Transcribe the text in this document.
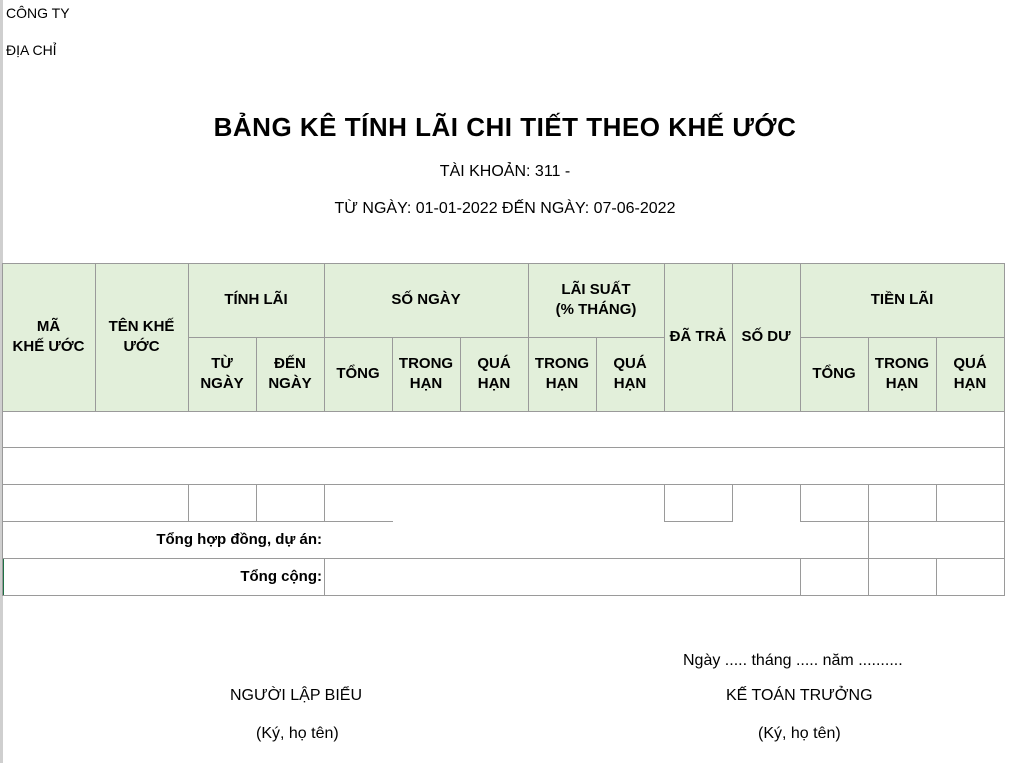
CÔNG TY
ĐỊA CHỈ
BẢNG KÊ TÍNH LÃI CHI TIẾT THEO KHẾ ƯỚC
TÀI KHOẢN: 311 -
TỪ NGÀY: 01-01-2022 ĐẾN NGÀY: 07-06-2022
MÃ
KHẾ ƯỚC
TÊN KHẾ
ƯỚC
TÍNH LÃI
TỪ
NGÀY
ĐẾN
NGÀY
SỐ NGÀY
TỔNG
TRONG
HẠN
QUÁ
HẠN
LÃI SUẤT
(% THÁNG)
TRONG
HẠN
QUÁ
HẠN
ĐÃ TRẢ	SỐ DƯ
TIỀN LÃI
TỔNG
TRONG
HẠN
QUÁ
HẠN
Tổng hợp đồng, dự án:
Tổng cộng:
Ngày ..... tháng ..... năm ..........
NGƯỜI LẬP BIỂU
(Ký, họ tên)
KẾ TOÁN TRƯỞNG
(Ký, họ tên)
